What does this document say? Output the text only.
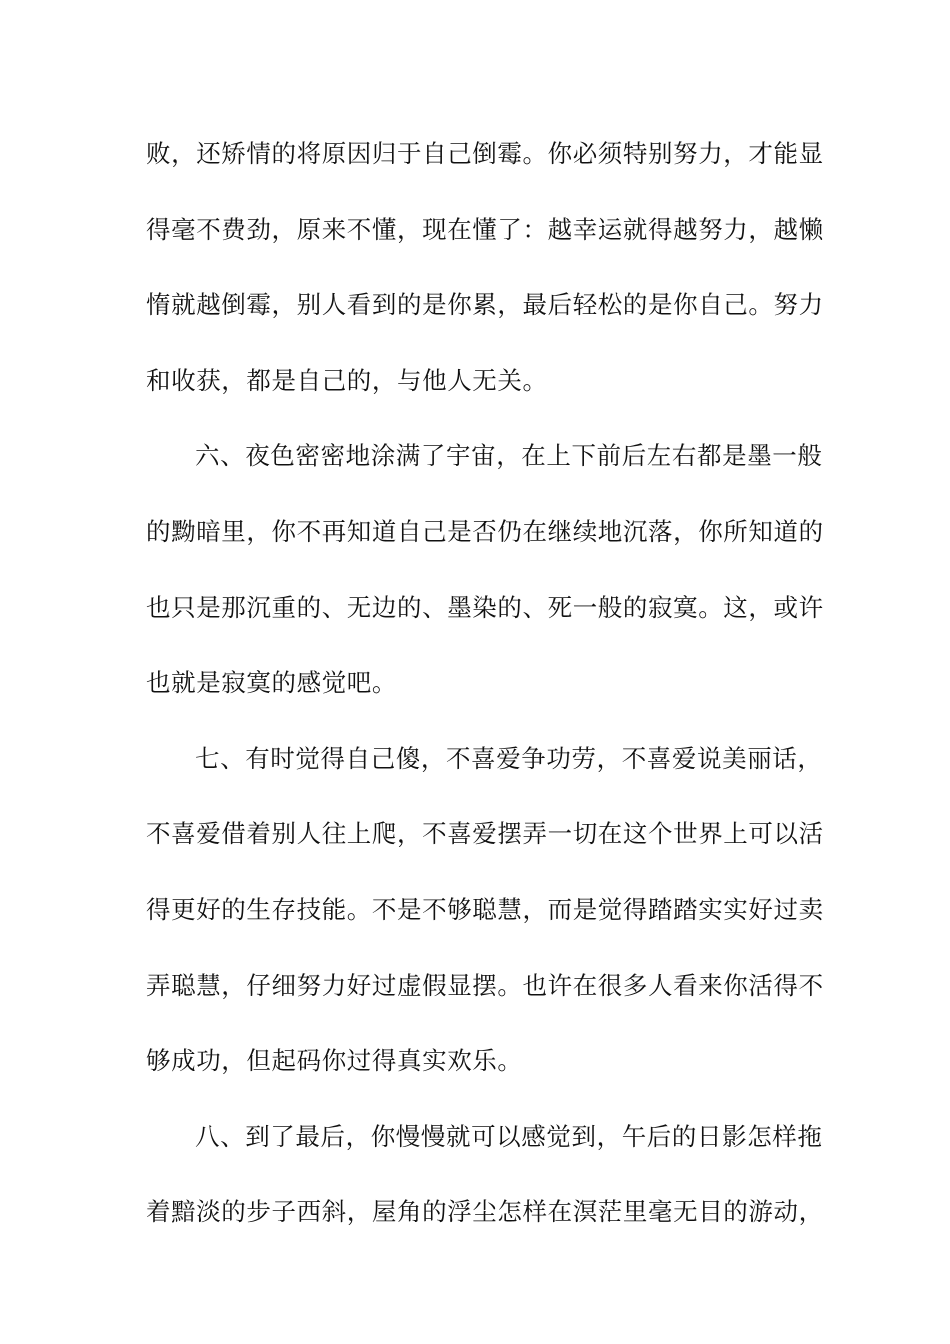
败，还矫情的将原因归于自己倒霉。你必须特别努力，才能显
得毫不费劲，原来不懂，现在懂了：越幸运就得越努力，越懒
惰就越倒霉，别人看到的是你累，最后轻松的是你自己。努力
和收获，都是自己的，与他人无关。
六、夜色密密地涂满了宇宙，在上下前后左右都是墨一般
的黝暗里，你不再知道自己是否仍在继续地沉落，你所知道的
也只是那沉重的、无边的、墨染的、死一般的寂寞。这，或许
也就是寂寞的感觉吧。
七、有时觉得自己傻，不喜爱争功劳，不喜爱说美丽话，
不喜爱借着别人往上爬，不喜爱摆弄一切在这个世界上可以活
得更好的生存技能。不是不够聪慧，而是觉得踏踏实实好过卖
弄聪慧，仔细努力好过虚假显摆。也许在很多人看来你活得不
够成功，但起码你过得真实欢乐。
八、到了最后，你慢慢就可以感觉到，午后的日影怎样拖
着黯淡的步子西斜，屋角的浮尘怎样在溟茫里毫无目的游动，
